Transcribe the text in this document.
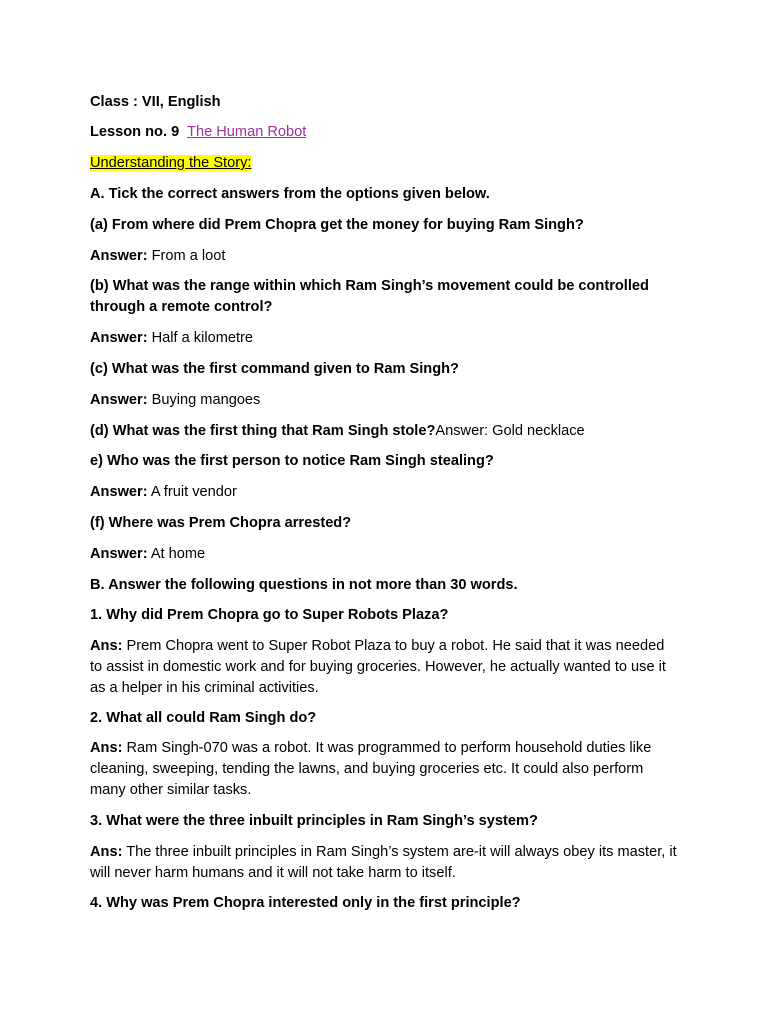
Class : VII, English
Lesson no. 9 The Human Robot
Understanding the Story:
A. Tick the correct answers from the options given below.
(a) From where did Prem Chopra get the money for buying Ram Singh?
Answer: From a loot
(b) What was the range within which Ram Singh’s movement could be controlled through a remote control?
Answer: Half a kilometre
(c) What was the first command given to Ram Singh?
Answer: Buying mangoes
(d) What was the first thing that Ram Singh stole?Answer: Gold necklace
e) Who was the first person to notice Ram Singh stealing?
Answer: A fruit vendor
(f) Where was Prem Chopra arrested?
Answer: At home
B. Answer the following questions in not more than 30 words.
1. Why did Prem Chopra go to Super Robots Plaza?
Ans: Prem Chopra went to Super Robot Plaza to buy a robot. He said that it was needed to assist in domestic work and for buying groceries. However, he actually wanted to use it as a helper in his criminal activities.
2. What all could Ram Singh do?
Ans: Ram Singh-070 was a robot. It was programmed to perform household duties like cleaning, sweeping, tending the lawns, and buying groceries etc. It could also perform many other similar tasks.
3. What were the three inbuilt principles in Ram Singh’s system?
Ans: The three inbuilt principles in Ram Singh’s system are-it will always obey its master, it will never harm humans and it will not take harm to itself.
4. Why was Prem Chopra interested only in the first principle?
